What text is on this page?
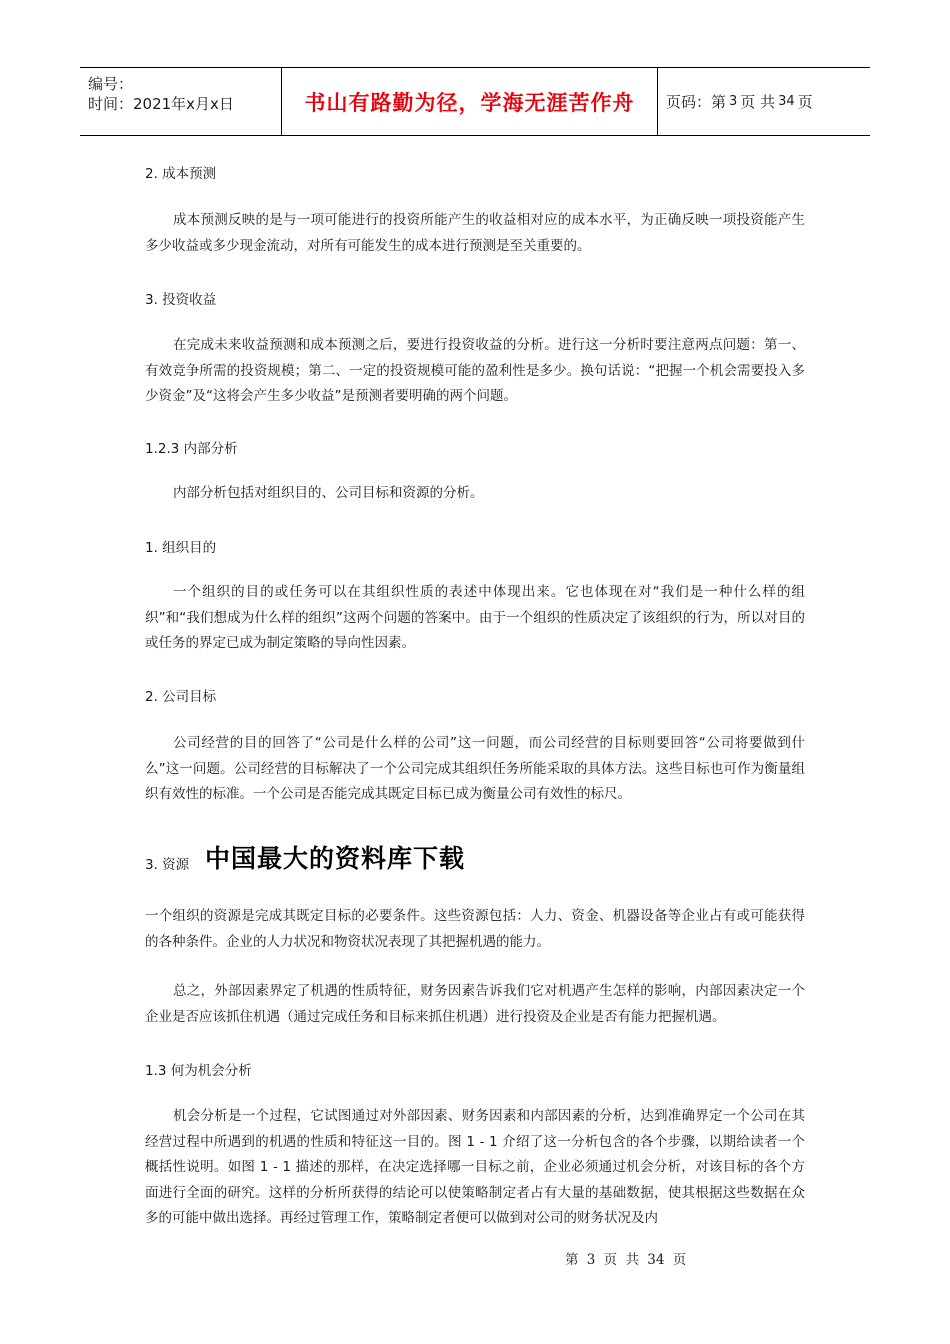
编号：
时间：2021年x月x日	书山有路勤为径，学海无涯苦作舟	页码：第 3 页 共 34 页
2. 成本预测
成本预测反映的是与一项可能进行的投资所能产生的收益相对应的成本水平，为正确反映一项投资能产生多少收益或多少现金流动，对所有可能发生的成本进行预测是至关重要的。
3. 投资收益
在完成未来收益预测和成本预测之后，要进行投资收益的分析。进行这一分析时要注意两点问题：第一、有效竞争所需的投资规模；第二、一定的投资规模可能的盈利性是多少。换句话说：“把握一个机会需要投入多少资金”及“这将会产生多少收益”是预测者要明确的两个问题。
1.2.3 内部分析
内部分析包括对组织目的、公司目标和资源的分析。
1. 组织目的
一个组织的目的或任务可以在其组织性质的表述中体现出来。它也体现在对“我们是一种什么样的组织”和“我们想成为什么样的组织”这两个问题的答案中。由于一个组织的性质决定了该组织的行为，所以对目的或任务的界定已成为制定策略的导向性因素。
2. 公司目标
公司经营的目的回答了“公司是什么样的公司”这一问题，而公司经营的目标则要回答“公司将要做到什么”这一问题。公司经营的目标解决了一个公司完成其组织任务所能采取的具体方法。这些目标也可作为衡量组织有效性的标准。一个公司是否能完成其既定目标已成为衡量公司有效性的标尺。
3. 资源 中国最大的资料库下载
一个组织的资源是完成其既定目标的必要条件。这些资源包括：人力、资金、机器设备等企业占有或可能获得的各种条件。企业的人力状况和物资状况表现了其把握机遇的能力。
总之，外部因素界定了机遇的性质特征，财务因素告诉我们它对机遇产生怎样的影响，内部因素决定一个企业是否应该抓住机遇（通过完成任务和目标来抓住机遇）进行投资及企业是否有能力把握机遇。
1.3 何为机会分析
机会分析是一个过程，它试图通过对外部因素、财务因素和内部因素的分析，达到准确界定一个公司在其经营过程中所遇到的机遇的性质和特征这一目的。图 1 - 1 介绍了这一分析包含的各个步骤，以期给读者一个概括性说明。如图 1 - 1 描述的那样，在决定选择哪一目标之前，企业必须通过机会分析，对该目标的各个方面进行全面的研究。这样的分析所获得的结论可以使策略制定者占有大量的基础数据，使其根据这些数据在众多的可能中做出选择。再经过管理工作，策略制定者便可以做到对公司的财务状况及内
第 3 页 共 34 页
